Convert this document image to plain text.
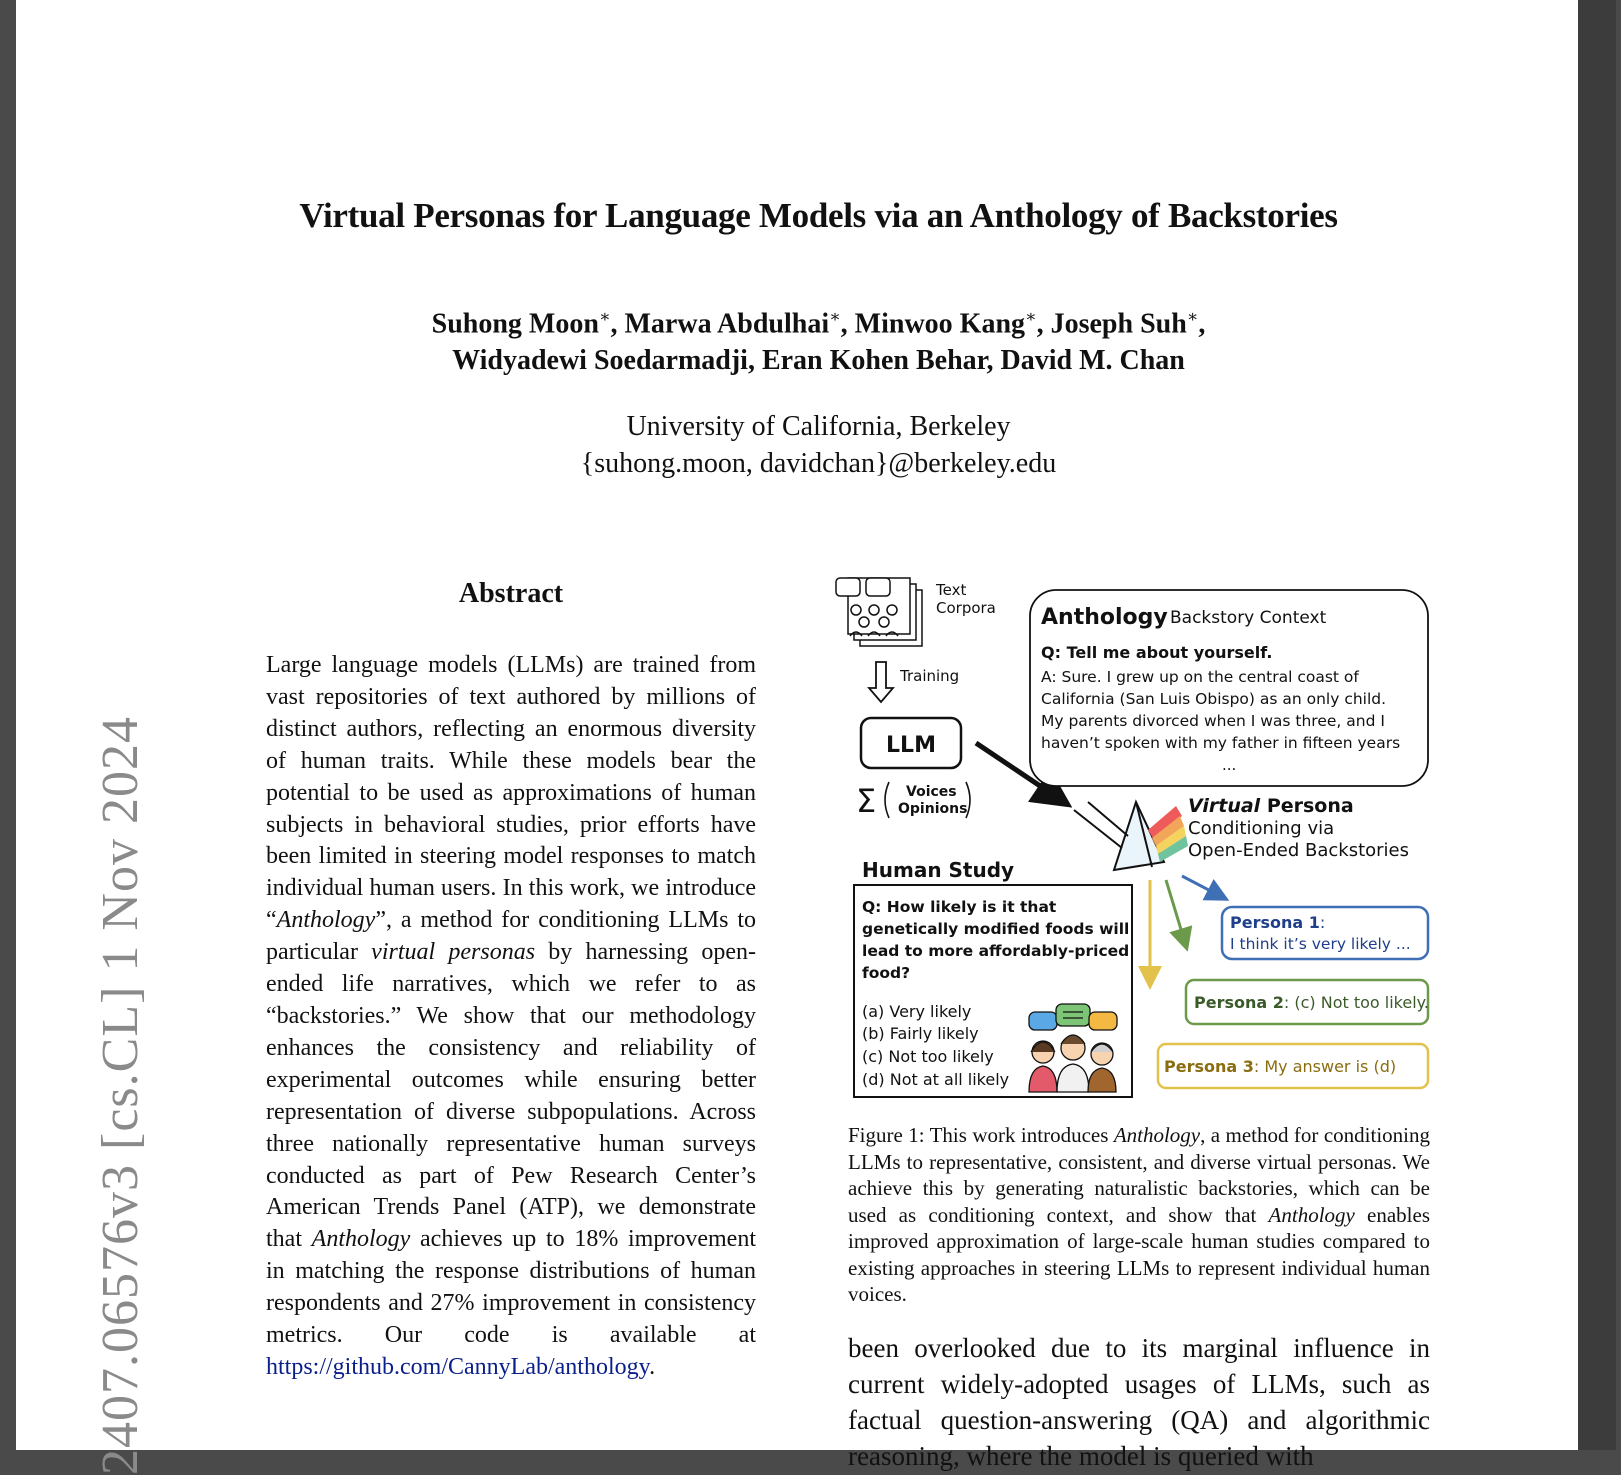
2407.06576v3 [cs.CL] 1 Nov 2024
Virtual Personas for Language Models via an Anthology of Backstories
Suhong Moon∗, Marwa Abdulhai∗, Minwoo Kang∗, Joseph Suh∗,
Widyadewi Soedarmadji, Eran Kohen Behar, David M. Chan
University of California, Berkeley
{suhong.moon, davidchan}@berkeley.edu
Abstract
Large language models (LLMs) are trained from vast repositories of text authored by millions of distinct authors, reflecting an enormous diversity of human traits. While these models bear the potential to be used as approximations of human subjects in behavioral studies, prior efforts have been limited in steering model responses to match individual human users. In this work, we introduce “Anthology”, a method for conditioning LLMs to particular virtual personas by harnessing open-ended life narratives, which we refer to as “backstories.” We show that our methodology enhances the consistency and reliability of experimental outcomes while ensuring better representation of diverse subpopulations. Across three nationally representative human surveys conducted as part of Pew Research Center’s American Trends Panel (ATP), we demonstrate that Anthology achieves up to 18% improvement in matching the response distributions of human respondents and 27% improvement in consistency metrics. Our code is available at https://github.com/CannyLab/anthology.
Text
Corpora
Training
LLM
Σ Voices
Opinions
Anthology Backstory Context
Q: Tell me about yourself.
A: Sure. I grew up on the central coast of
California (San Luis Obispo) as an only child.
My parents divorced when I was three, and I
haven’t spoken with my father in fifteen years
...
Virtual Persona
Conditioning via
Open-Ended Backstories
Human Study
Q: How likely is it that
genetically modified foods will
lead to more affordably-priced
food?
(a) Very likely
(b) Fairly likely
(c) Not too likely
(d) Not at all likely
Persona 1:
I think it’s very likely ...
Persona 2: (c) Not too likely.
Persona 3: My answer is (d)
Figure 1: This work introduces Anthology, a method for conditioning LLMs to representative, consistent, and diverse virtual personas. We achieve this by generating naturalistic backstories, which can be used as conditioning context, and show that Anthology enables improved approximation of large-scale human studies compared to existing approaches in steering LLMs to represent individual human voices.
been overlooked due to its marginal influence in current widely-adopted usages of LLMs, such as factual question-answering (QA) and algorithmic reasoning, where the model is queried with
